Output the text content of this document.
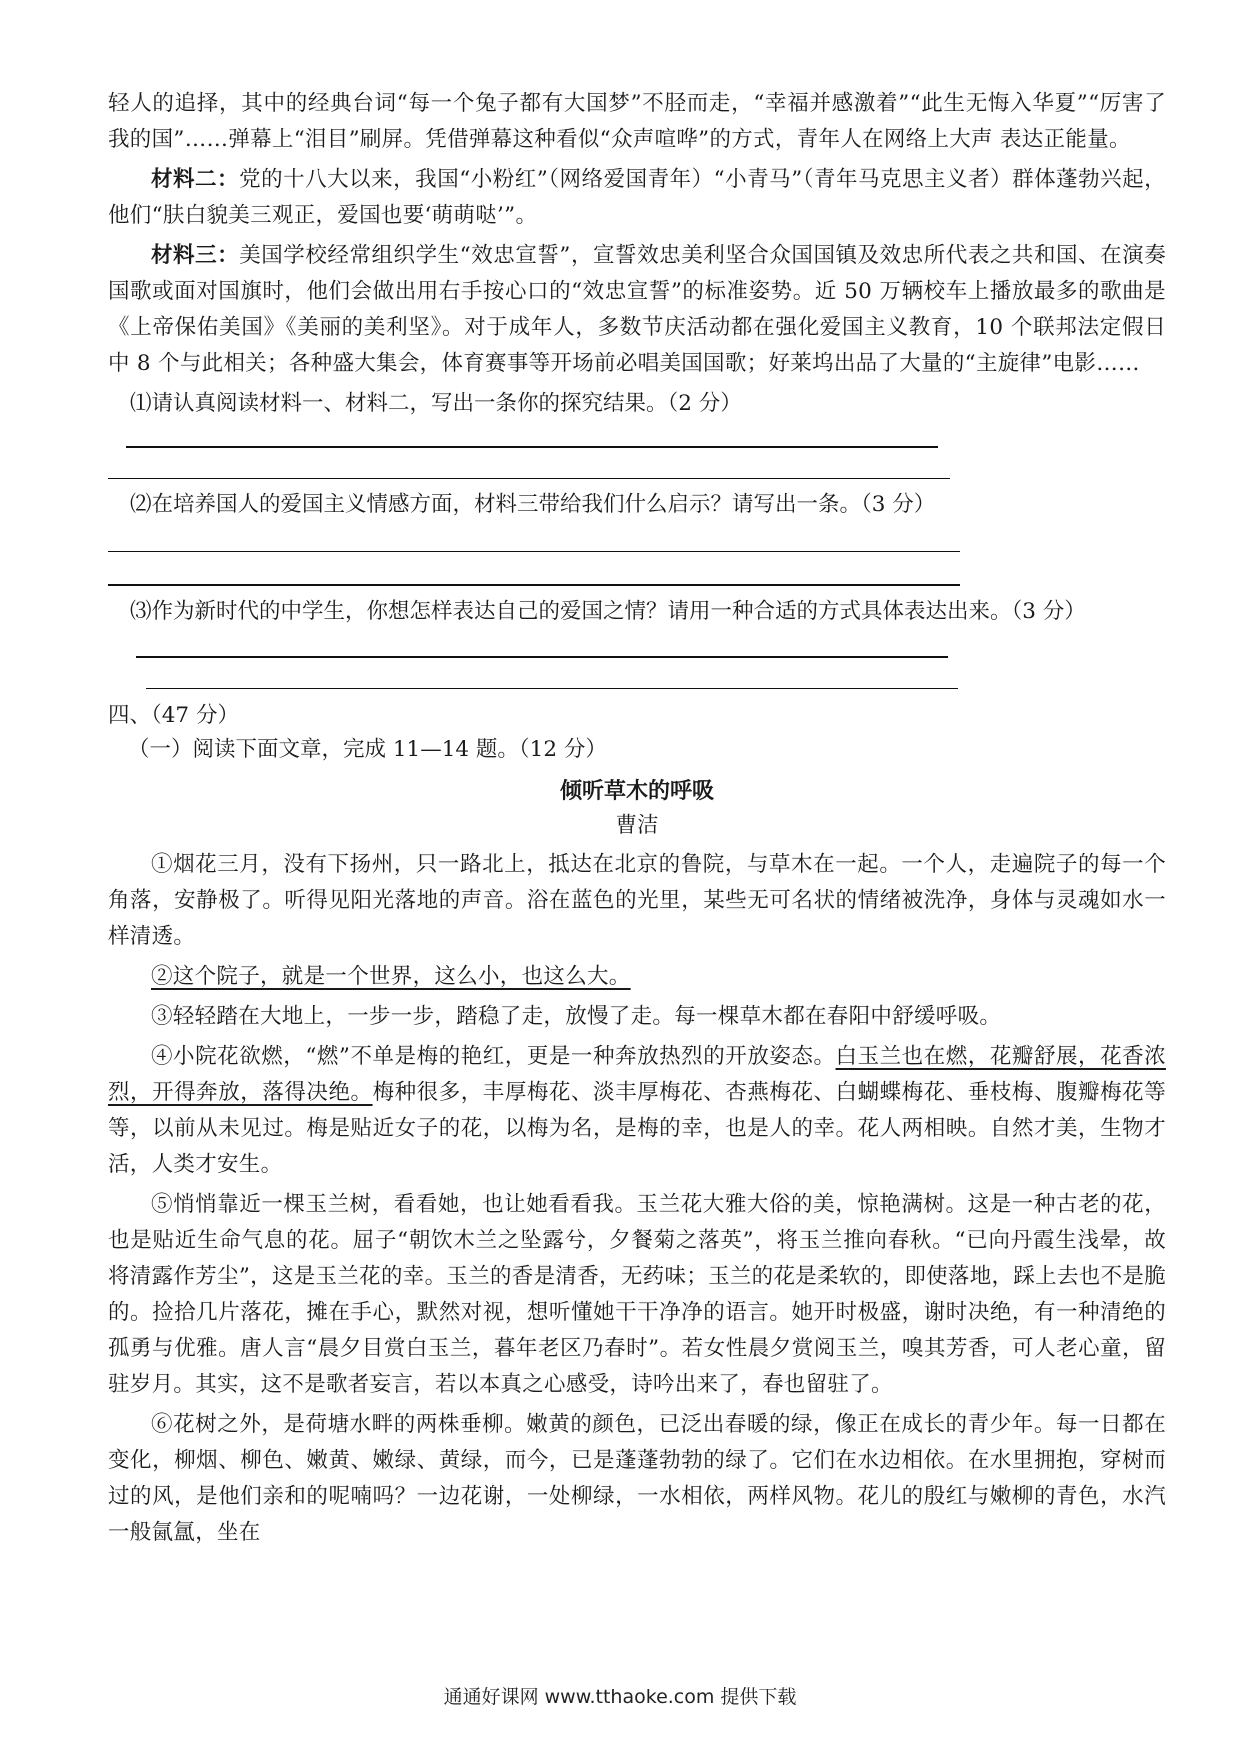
轻人的追择，其中的经典台词“每一个兔子都有大国梦”不胫而走，“幸福并感激着”“此生无悔入华夏”“厉害了我的国”……弹幕上“泪目”刷屏。凭借弹幕这种看似“众声喧哗”的方式，青年人在网络上大声 表达正能量。

材料二：党的十八大以来，我国“小粉红”（网络爱国青年）“小青马”（青年马克思主义者）群体蓬勃兴起，他们“肤白貌美三观正，爱国也要‘萌萌哒’”。

材料三：美国学校经常组织学生“效忠宣誓”，宣誓效忠美利坚合众国国镇及效忠所代表之共和国、在演奏国歌或面对国旗时，他们会做出用右手按心口的“效忠宣誓”的标准姿势。近 50 万辆校车上播放最多的歌曲是《上帝保佑美国》《美丽的美利坚》。对于成年人，多数节庆活动都在强化爱国主义教育，10 个联邦法定假日中 8 个与此相关；各种盛大集会，体育赛事等开场前必唱美国国歌；好莱坞出品了大量的“主旋律”电影……

⑴请认真阅读材料一、材料二，写出一条你的探究结果。（2 分）

⑵在培养国人的爱国主义情感方面，材料三带给我们什么启示？请写出一条。（3 分）

⑶作为新时代的中学生，你想怎样表达自己的爱国之情？请用一种合适的方式具体表达出来。（3 分）

四、（47 分）

（一）阅读下面文章，完成 11—14 题。（12 分）

倾听草木的呼吸

曹洁

①烟花三月，没有下扬州，只一路北上，抵达在北京的鲁院，与草木在一起。一个人，走遍院子的每一个角落，安静极了。听得见阳光落地的声音。浴在蓝色的光里，某些无可名状的情绪被洗净，身体与灵魂如水一样清透。

②这个院子，就是一个世界，这么小，也这么大。

③轻轻踏在大地上，一步一步，踏稳了走，放慢了走。每一棵草木都在春阳中舒缓呼吸。

④小院花欲燃，“燃”不单是梅的艳红，更是一种奔放热烈的开放姿态。白玉兰也在燃，花瓣舒展，花香浓烈，开得奔放，落得决绝。梅种很多，丰厚梅花、淡丰厚梅花、杏燕梅花、白蝴蝶梅花、垂枝梅、腹瓣梅花等等，以前从未见过。梅是贴近女子的花，以梅为名，是梅的幸，也是人的幸。花人两相映。自然才美，生物才活，人类才安生。

⑤悄悄靠近一棵玉兰树，看看她，也让她看看我。玉兰花大雅大俗的美，惊艳满树。这是一种古老的花，也是贴近生命气息的花。屈子“朝饮木兰之坠露兮，夕餐菊之落英”，将玉兰推向春秋。“已向丹霞生浅晕，故将清露作芳尘”，这是玉兰花的幸。玉兰的香是清香，无药味；玉兰的花是柔软的，即使落地，踩上去也不是脆的。捡拾几片落花，摊在手心，默然对视，想听懂她干干净净的语言。她开时极盛，谢时决绝，有一种清绝的孤勇与优雅。唐人言“晨夕目赏白玉兰，暮年老区乃春时”。若女性晨夕赏阅玉兰，嗅其芳香，可人老心童，留驻岁月。其实，这不是歌者妄言，若以本真之心感受，诗吟出来了，春也留驻了。

⑥花树之外，是荷塘水畔的两株垂柳。嫩黄的颜色，已泛出春暖的绿，像正在成长的青少年。每一日都在变化，柳烟、柳色、嫩黄、嫩绿、黄绿，而今，已是蓬蓬勃勃的绿了。它们在水边相依。在水里拥抱，穿树而过的风，是他们亲和的呢喃吗？一边花谢，一处柳绿，一水相依，两样风物。花儿的殷红与嫩柳的青色，水汽一般氤氲，坐在

通通好课网 www.tthaoke.com 提供下载
